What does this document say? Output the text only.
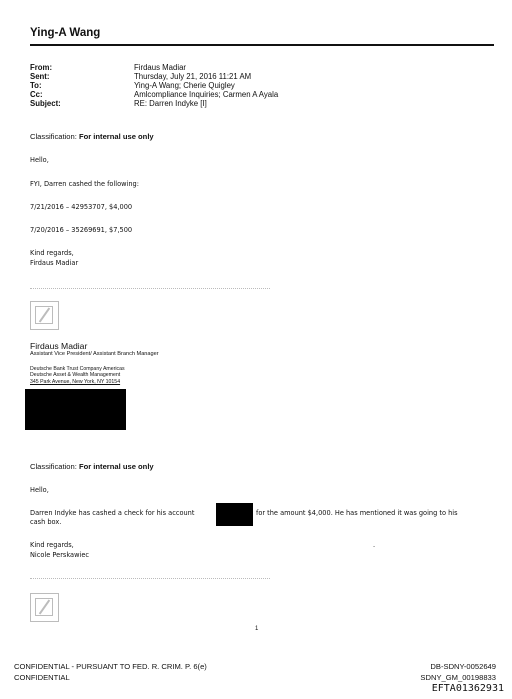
Ying-A Wang
From:	Firdaus Madiar
Sent:	Thursday, July 21, 2016 11:21 AM
To:	Ying-A Wang; Cherie Quigley
Cc:	Amlcompliance Inquiries; Carmen A Ayala
Subject:	RE: Darren Indyke [I]
Classification: For internal use only
Hello,
FYI, Darren cashed the following:
7/21/2016 – 42953707, $4,000
7/20/2016 – 35269691, $7,500
Kind regards,
Firdaus Madiar
Firdaus Madiar
Assistant Vice President/ Assistant Branch Manager
Deutsche Bank Trust Company Americas
Deutsche Asset & Wealth Management
345 Park Avenue, New York, NY 10154
Classification: For internal use only
Hello,
Darren Indyke has cashed a check for his account	for the amount $4,000. He has mentioned it was going to his
cash box.
Kind regards,
Nicole Perskawiec
.
1
CONFIDENTIAL - PURSUANT TO FED. R. CRIM. P. 6(e)
CONFIDENTIAL
DB-SDNY-0052649
SDNY_GM_00198833
EFTA01362931
